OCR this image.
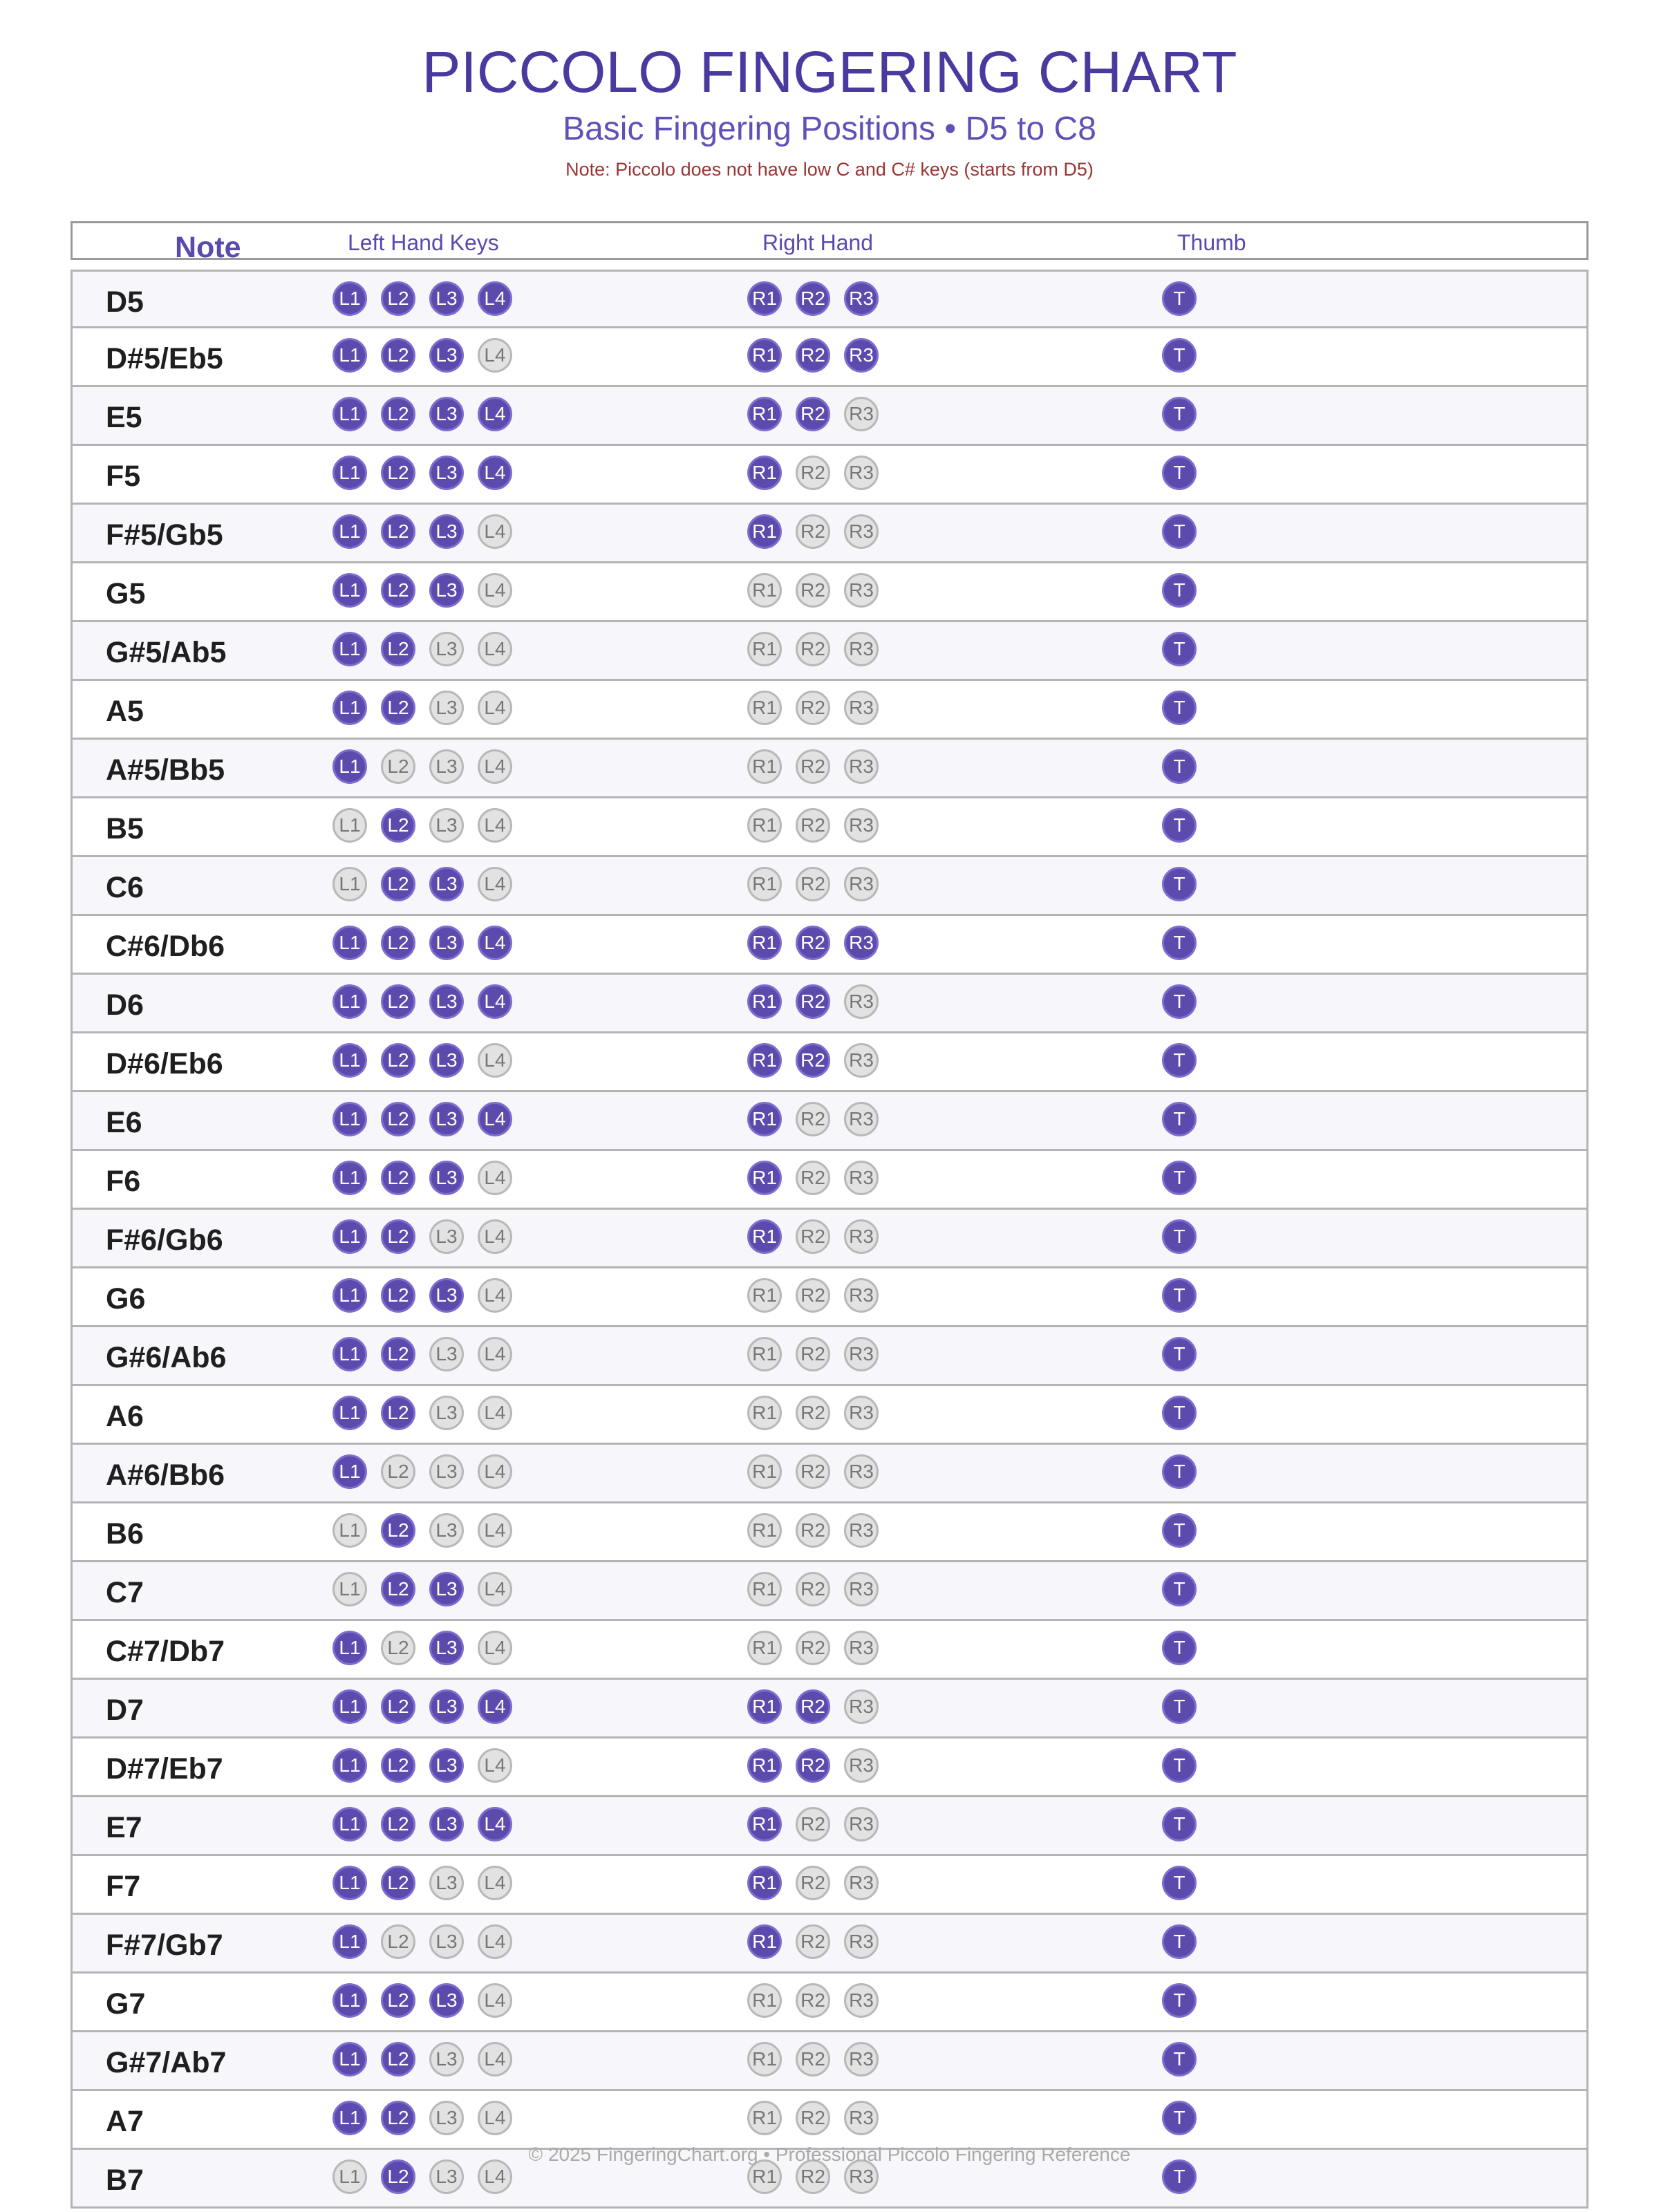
PICCOLO FINGERING CHART
Basic Fingering Positions • D5 to C8
Note: Piccolo does not have low C and C# keys (starts from D5)
Note	Left Hand Keys	Right Hand	Thumb
D5	L1	L2	L3	L4	R1 R2 R3	T
D#5/Eb5	L1	L2	L3	L4	R1 R2 R3	T
E5	L1	L2	L3	L4	R1 R2 R3	T
F5	L1	L2	L3	L4	R1 R2 R3	T
F#5/Gb5	L1	L2	L3	L4	R1 R2 R3	T
G5	L1	L2	L3	L4	R1 R2 R3	T
G#5/Ab5	L1	L2	L3	L4	R1 R2 R3	T
A5	L1	L2	L3	L4	R1 R2 R3	T
A#5/Bb5	L1	L2	L3	L4	R1 R2 R3	T
B5	L1	L2	L3	L4	R1 R2 R3	T
C6	L1	L2	L3	L4	R1 R2 R3	T
C#6/Db6	L1	L2	L3	L4	R1 R2 R3	T
D6	L1	L2	L3	L4	R1 R2 R3	T
D#6/Eb6	L1	L2	L3	L4	R1 R2 R3	T
E6	L1	L2	L3	L4	R1 R2 R3	T
F6	L1	L2	L3	L4	R1 R2 R3	T
F#6/Gb6	L1	L2	L3	L4	R1 R2 R3	T
G6	L1	L2	L3	L4	R1 R2 R3	T
G#6/Ab6	L1	L2	L3	L4	R1 R2 R3	T
A6	L1	L2	L3	L4	R1 R2 R3	T
A#6/Bb6	L1	L2	L3	L4	R1 R2 R3	T
B6	L1	L2	L3	L4	R1 R2 R3	T
C7	L1	L2	L3	L4	R1 R2 R3	T
C#7/Db7	L1	L2	L3	L4	R1 R2 R3	T
D7	L1	L2	L3	L4	R1 R2 R3	T
D#7/Eb7	L1	L2	L3	L4	R1 R2 R3	T
E7	L1	L2	L3	L4	R1 R2 R3	T
F7	L1	L2	L3	L4	R1 R2 R3	T
F#7/Gb7	L1	L2	L3	L4	R1 R2 R3	T
G7	L1	L2	L3	L4	R1 R2 R3	T
G#7/Ab7	L1	L2	L3	L4	R1 R2 R3	T
A7	L1	L2	L3	L4	R1 R2 R3	T
B7	L1	L2	L3	L4	R1 R2 R3	T
© 2025 FingeringChart.org • Professional Piccolo Fingering Reference
